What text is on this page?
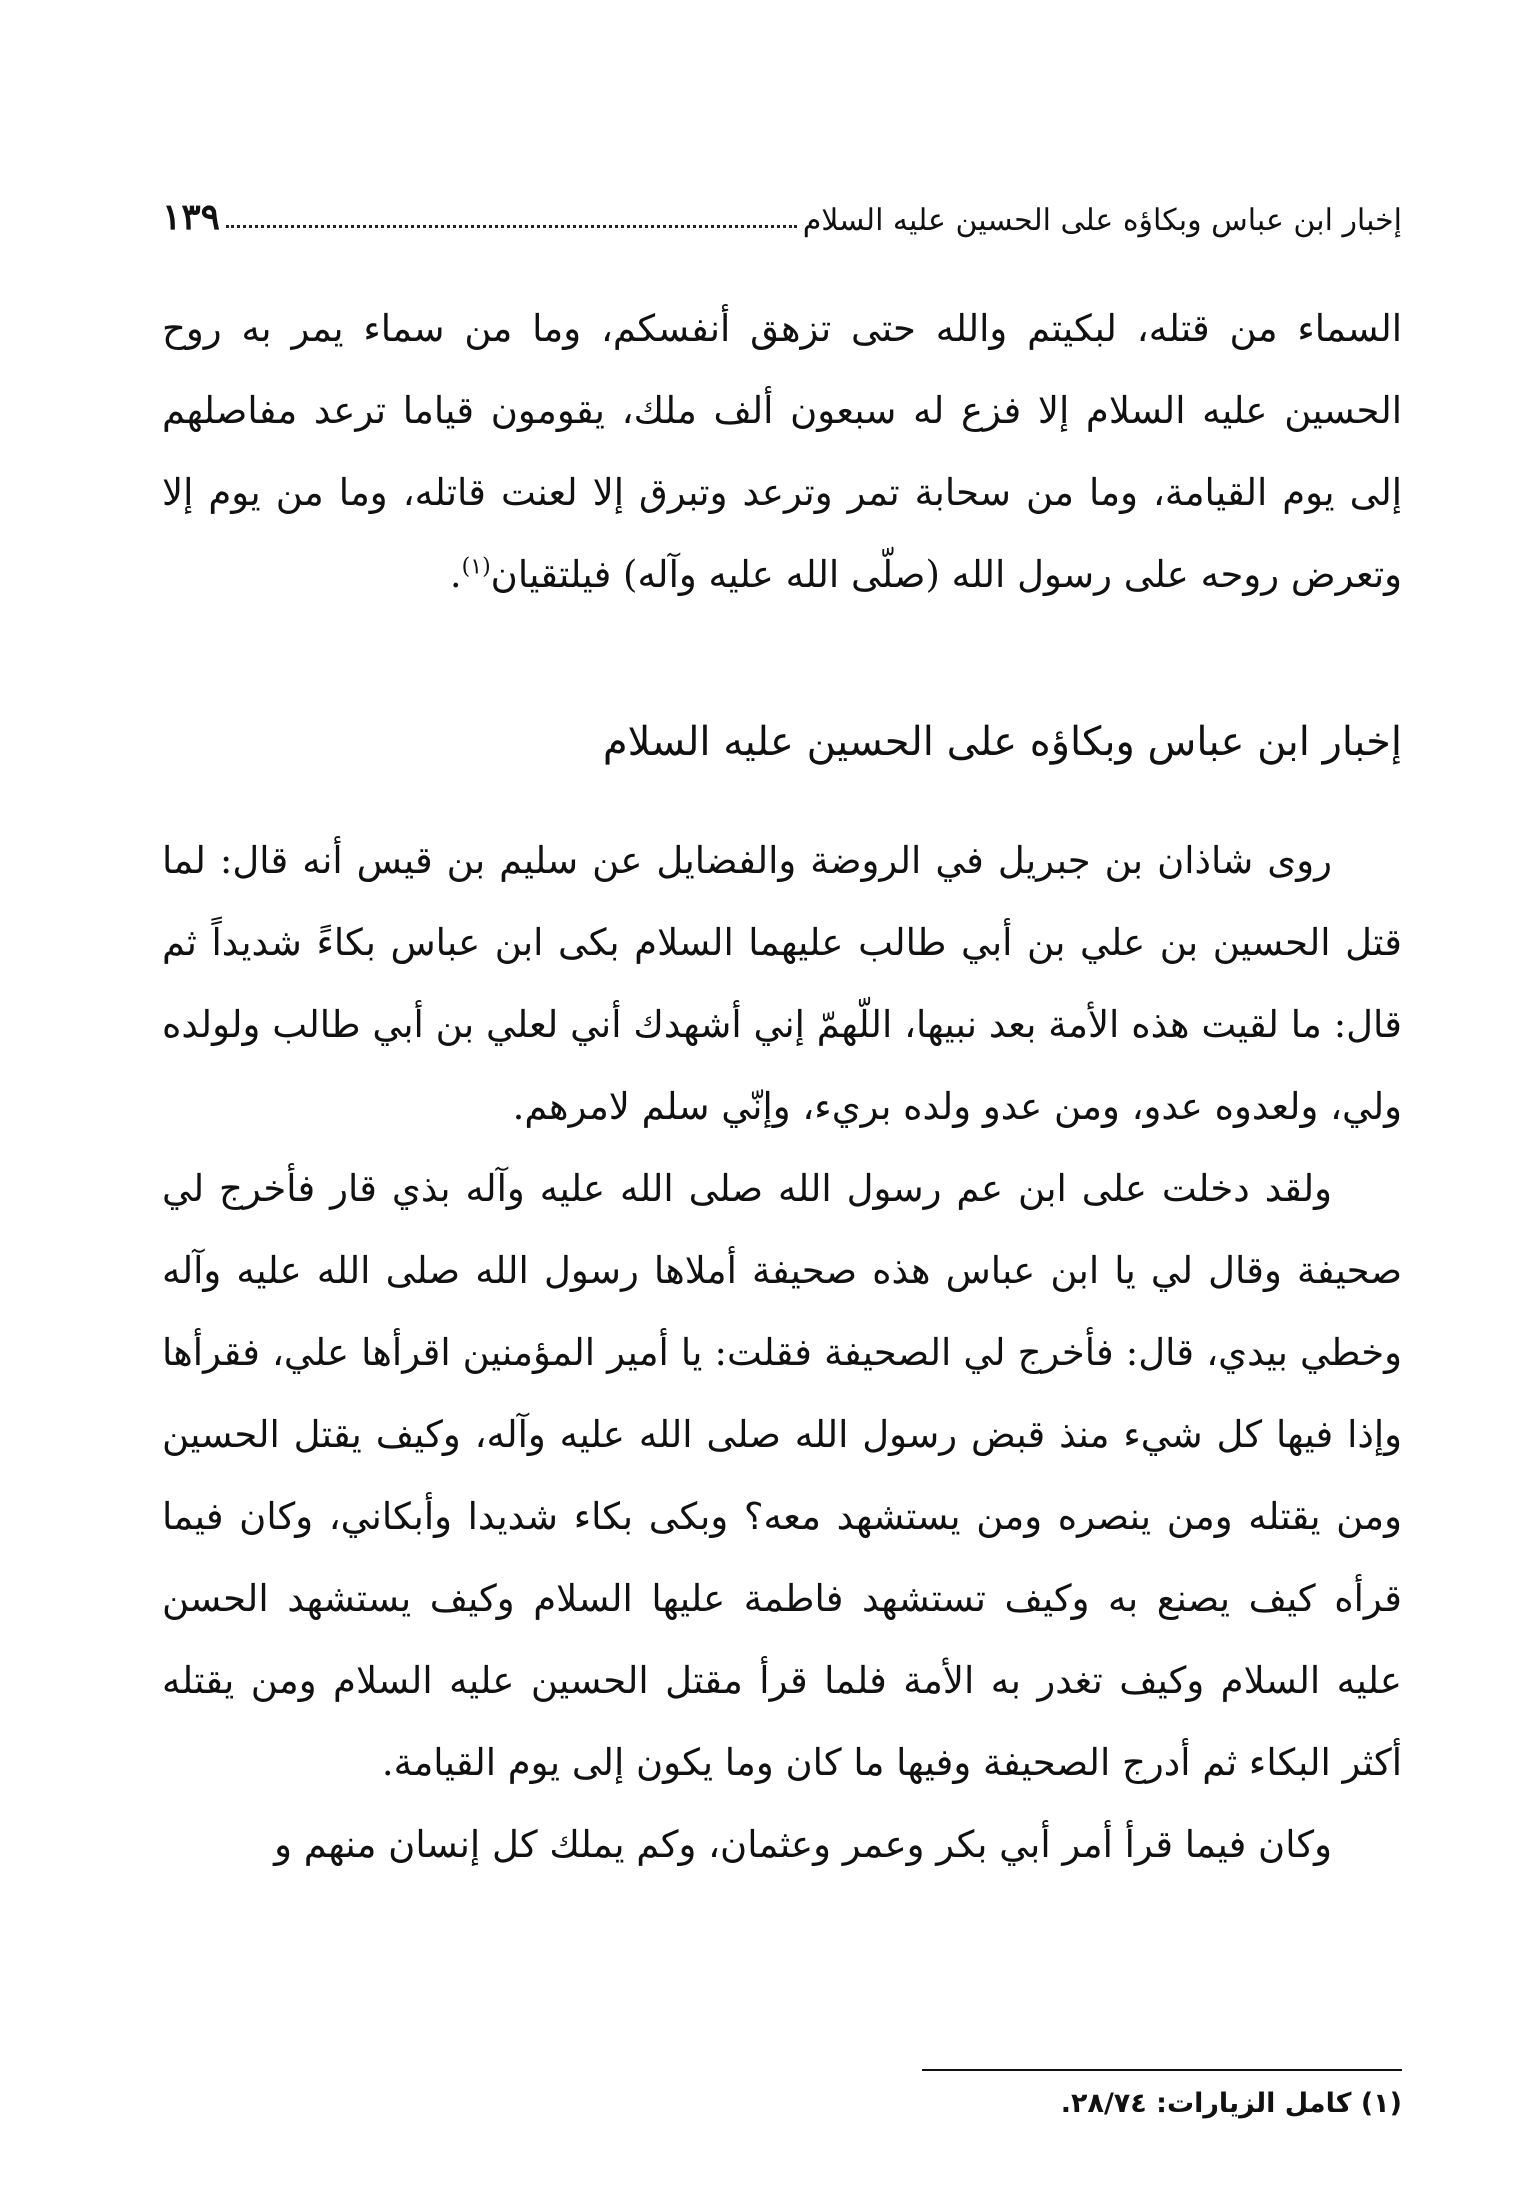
إخبار ابن عباس وبكاؤه على الحسين عليه السلام
١٣٩

السماء من قتله، لبكيتم والله حتى تزهق أنفسكم، وما من سماء يمر به روح الحسين عليه السلام إلا فزع له سبعون ألف ملك، يقومون قياما ترعد مفاصلهم إلى يوم القيامة، وما من سحابة تمر وترعد وتبرق إلا لعنت قاتله، وما من يوم إلا وتعرض روحه على رسول الله (صلّى الله عليه وآله) فيلتقيان$^{(١)}$.

إخبار ابن عباس وبكاؤه على الحسين عليه السلام

روى شاذان بن جبريل في الروضة والفضايل عن سليم بن قيس أنه قال: لما قتل الحسين بن علي بن أبي طالب عليهما السلام بكى ابن عباس بكاءً شديداً ثم قال: ما لقيت هذه الأمة بعد نبيها، اللّهمّ إني أشهدك أني لعلي بن أبي طالب ولولده ولي، ولعدوه عدو، ومن عدو ولده بريء، وإنّي سلم لامرهم.

ولقد دخلت على ابن عم رسول الله صلى الله عليه وآله بذي قار فأخرج لي صحيفة وقال لي يا ابن عباس هذه صحيفة أملاها رسول الله صلى الله عليه وآله وخطي بيدي، قال: فأخرج لي الصحيفة فقلت: يا أمير المؤمنين اقرأها علي، فقرأها وإذا فيها كل شيء منذ قبض رسول الله صلى الله عليه وآله، وكيف يقتل الحسين ومن يقتله ومن ينصره ومن يستشهد معه؟ وبكى بكاء شديدا وأبكاني، وكان فيما قرأه كيف يصنع به وكيف تستشهد فاطمة عليها السلام وكيف يستشهد الحسن عليه السلام وكيف تغدر به الأمة فلما قرأ مقتل الحسين عليه السلام ومن يقتله أكثر البكاء ثم أدرج الصحيفة وفيها ما كان وما يكون إلى يوم القيامة.

وكان فيما قرأ أمر أبي بكر وعمر وعثمان، وكم يملك كل إنسان منهم و

(١) كامل الزيارات: ٢٨/٧٤.
